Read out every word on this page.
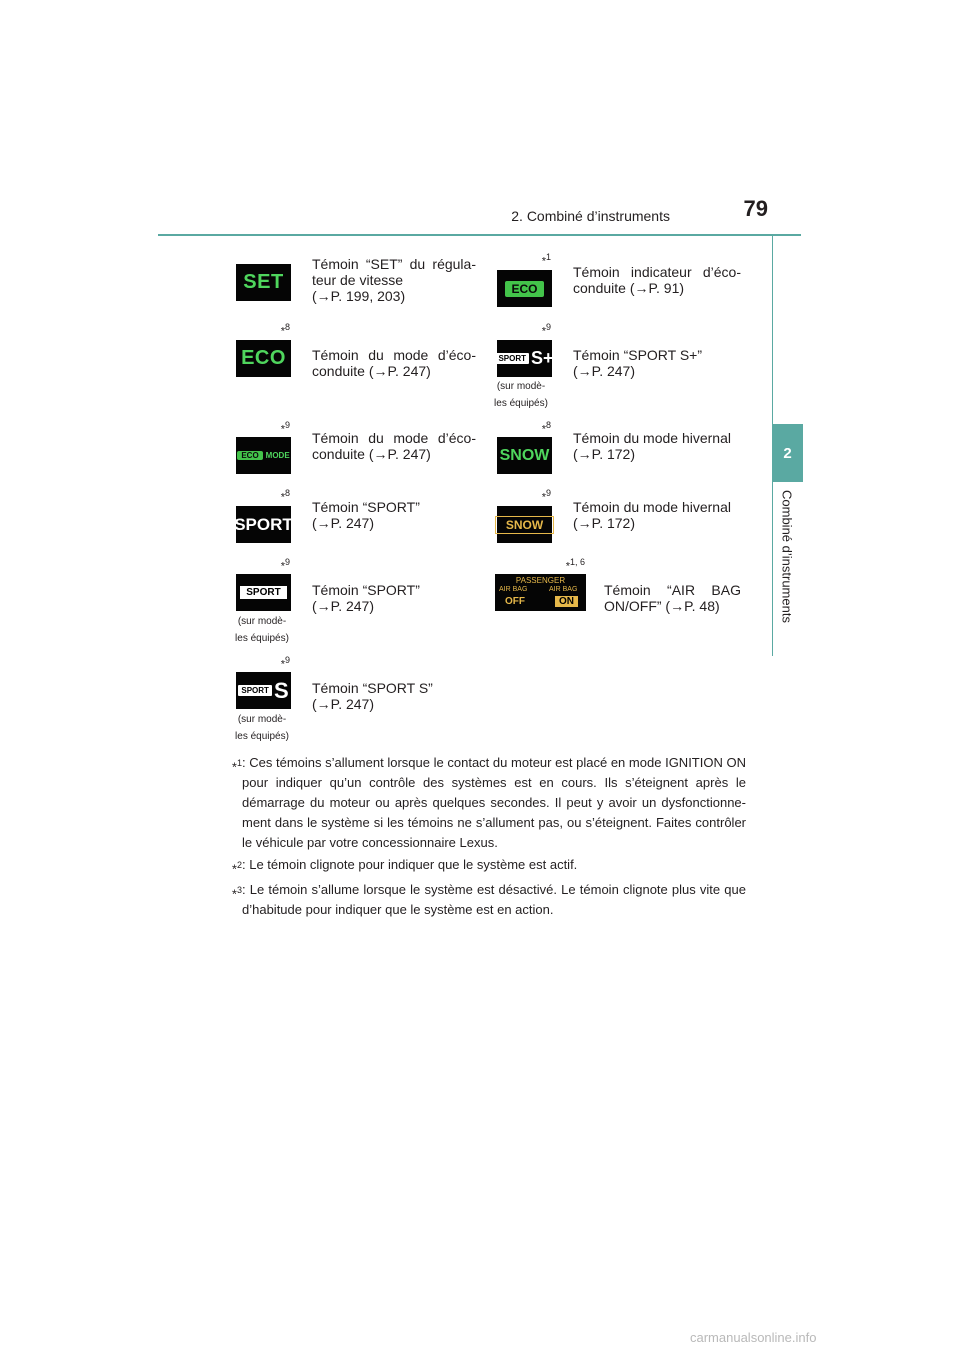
2. Combiné d’instruments	79
2
Combiné d’instruments
SET
Témoin “SET” du régula-
teur de vitesse
(→P. 199, 203)
*$^1$
ECO
Témoin indicateur d’éco-
conduite (→P. 91)
*$^8$
ECO Témoin du mode d’éco-
conduite (→P. 247)
*$^9$
SPORT S+
(sur modè-
les équipés)
Témoin “SPORT S+”
(→P. 247)
*$^9$
ECO MODE
Témoin du mode d’éco-
conduite (→P. 247)
*$^8$
SNOW
Témoin du mode hivernal
(→P. 172)
*$^8$
SPORT
Témoin “SPORT”
(→P. 247)
*$^9$
SNOW
Témoin du mode hivernal
(→P. 172)
*$^9$
SPORT
(sur modè-
les équipés)
Témoin “SPORT”
(→P. 247)
*$^{1, 6}$
PASSENGER
AIR BAG	AIR BAG
OFF	ON
Témoin “AIR BAG
ON/OFF” (→P. 48)
*$^9$
SPORT S
(sur modè-
les équipés)
Témoin “SPORT S”
(→P. 247)
*$^1$ : Ces témoins s’allument lorsque le contact du moteur est placé en mode IGNITION ON pour indiquer qu’un contrôle des systèmes est en cours. Ils s’éteignent après le démarrage du moteur ou après quelques secondes. Il peut y avoir un dysfonctionne-ment dans le système si les témoins ne s’allument pas, ou s’éteignent. Faites contrôler le véhicule par votre concessionnaire Lexus.
*$^2$ : Le témoin clignote pour indiquer que le système est actif.
*$^3$ : Le témoin s’allume lorsque le système est désactivé. Le témoin clignote plus vite que d’habitude pour indiquer que le système est en action.
carmanualsonline.info
